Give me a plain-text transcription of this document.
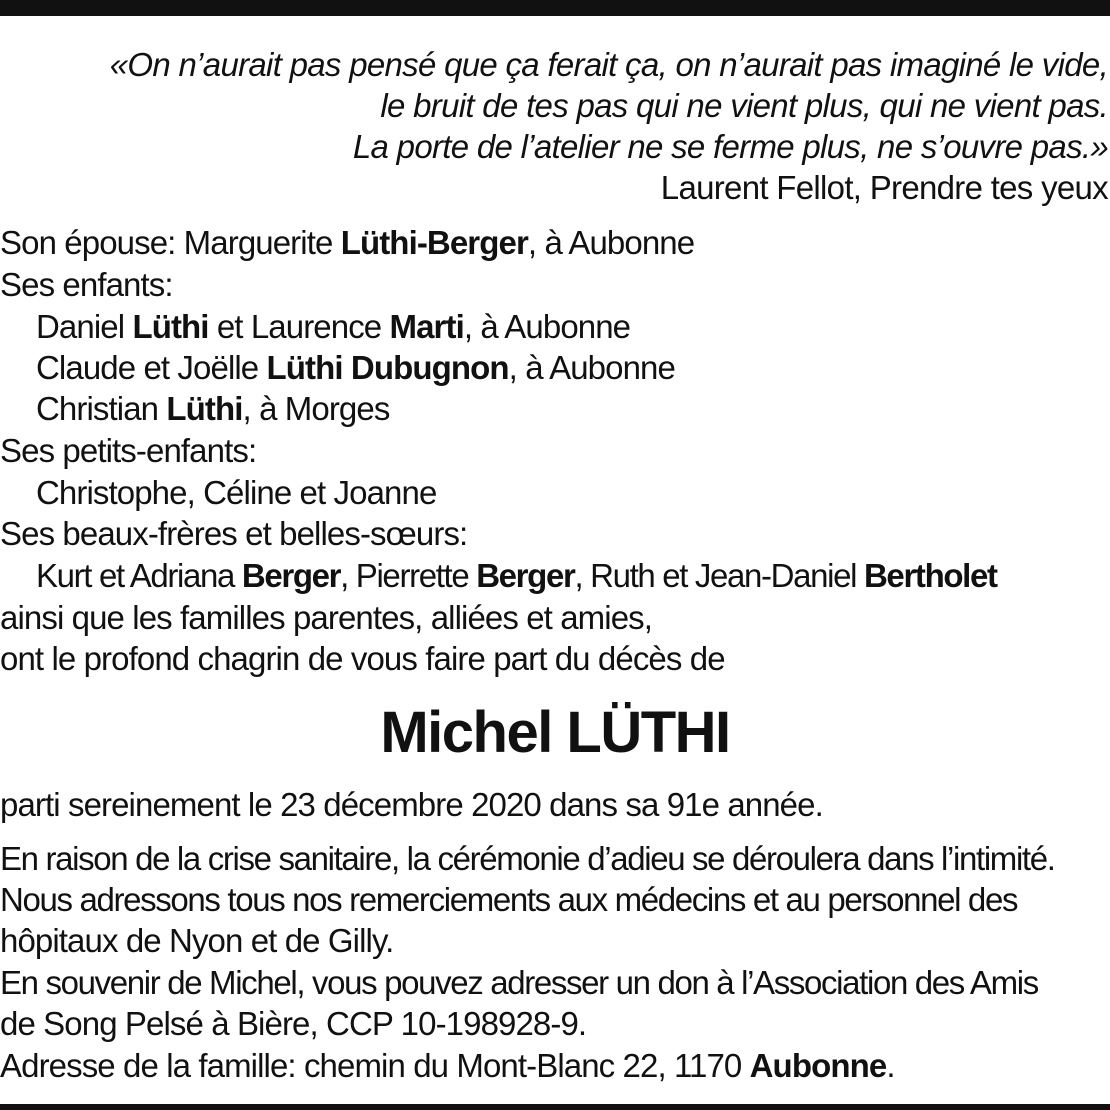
«On n’aurait pas pensé que ça ferait ça, on n’aurait pas imaginé le vide,
le bruit de tes pas qui ne vient plus, qui ne vient pas.
La porte de l’atelier ne se ferme plus, ne s’ouvre pas.»
Laurent Fellot, Prendre tes yeux
Son épouse: Marguerite Lüthi-Berger, à Aubonne
Ses enfants:
Daniel Lüthi et Laurence Marti, à Aubonne
Claude et Joëlle Lüthi Dubugnon, à Aubonne
Christian Lüthi, à Morges
Ses petits-enfants:
Christophe, Céline et Joanne
Ses beaux-frères et belles-sœurs:
Kurt et Adriana Berger, Pierrette Berger, Ruth et Jean-Daniel Bertholet
ainsi que les familles parentes, alliées et amies,
ont le profond chagrin de vous faire part du décès de
Michel LÜTHI
parti sereinement le 23 décembre 2020 dans sa 91e année.
En raison de la crise sanitaire, la cérémonie d’adieu se déroulera dans l’intimité.
Nous adressons tous nos remerciements aux médecins et au personnel des
hôpitaux de Nyon et de Gilly.
En souvenir de Michel, vous pouvez adresser un don à l’Association des Amis
de Song Pelsé à Bière, CCP 10-198928-9.
Adresse de la famille: chemin du Mont-Blanc 22, 1170 Aubonne.
